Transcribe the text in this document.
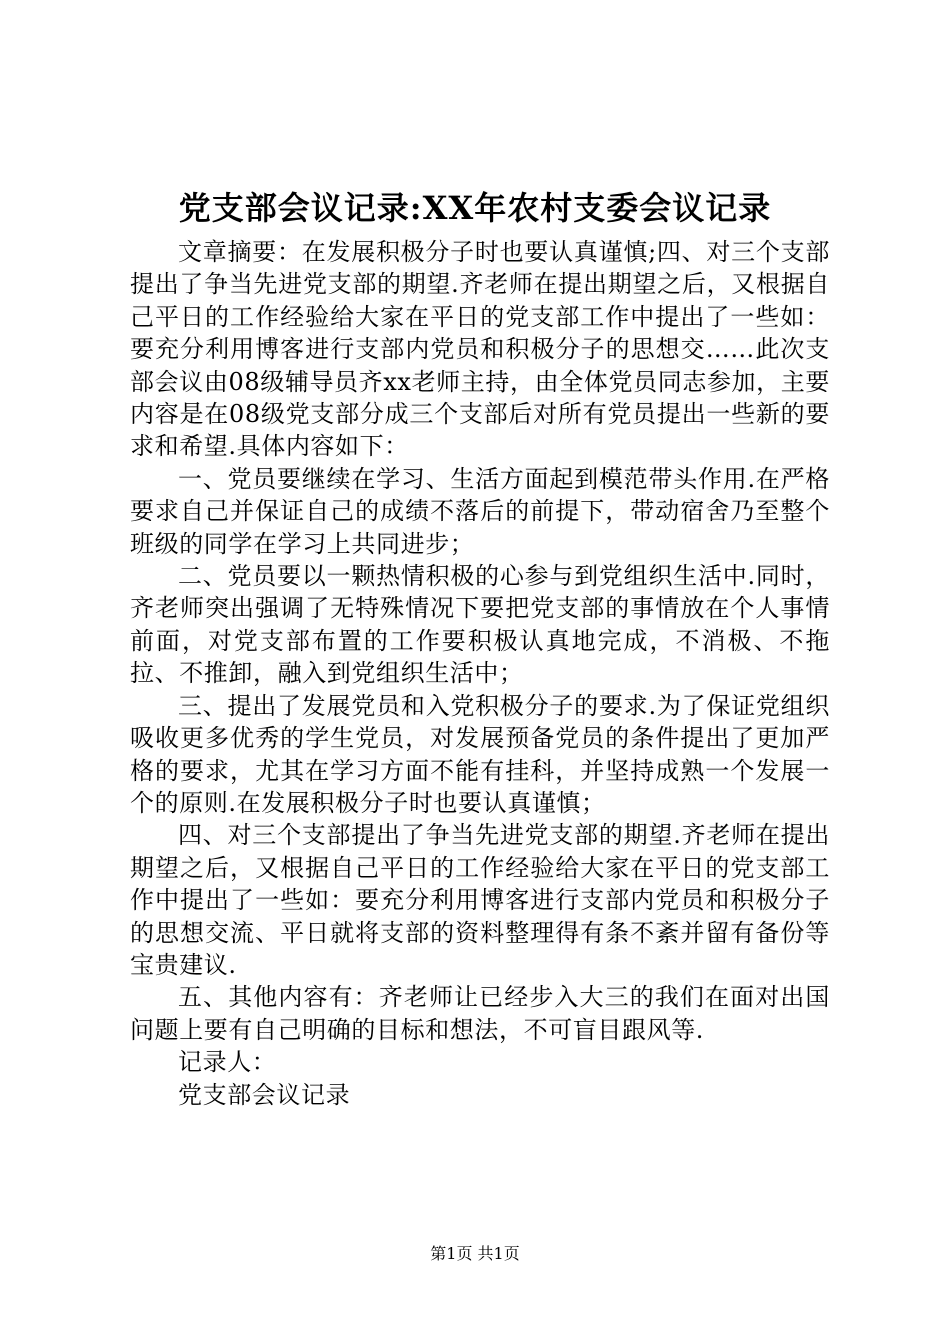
党支部会议记录:XX年农村支委会议记录

文章摘要：在发展积极分子时也要认真谨慎;四、对三个支部提出了争当先进党支部的期望.齐老师在提出期望之后，又根据自己平日的工作经验给大家在平日的党支部工作中提出了一些如：要充分利用博客进行支部内党员和积极分子的思想交……此次支部会议由08级辅导员齐xx老师主持，由全体党员同志参加，主要内容是在08级党支部分成三个支部后对所有党员提出一些新的要求和希望.具体内容如下：

一、党员要继续在学习、生活方面起到模范带头作用.在严格要求自己并保证自己的成绩不落后的前提下，带动宿舍乃至整个班级的同学在学习上共同进步；

二、党员要以一颗热情积极的心参与到党组织生活中.同时，齐老师突出强调了无特殊情况下要把党支部的事情放在个人事情前面，对党支部布置的工作要积极认真地完成，不消极、不拖拉、不推卸，融入到党组织生活中；

三、提出了发展党员和入党积极分子的要求.为了保证党组织吸收更多优秀的学生党员，对发展预备党员的条件提出了更加严格的要求，尤其在学习方面不能有挂科，并坚持成熟一个发展一个的原则.在发展积极分子时也要认真谨慎；

四、对三个支部提出了争当先进党支部的期望.齐老师在提出期望之后，又根据自己平日的工作经验给大家在平日的党支部工作中提出了一些如：要充分利用博客进行支部内党员和积极分子的思想交流、平日就将支部的资料整理得有条不紊并留有备份等宝贵建议.

五、其他内容有：齐老师让已经步入大三的我们在面对出国问题上要有自己明确的目标和想法，不可盲目跟风等.

记录人：

党支部会议记录

第1页 共1页
